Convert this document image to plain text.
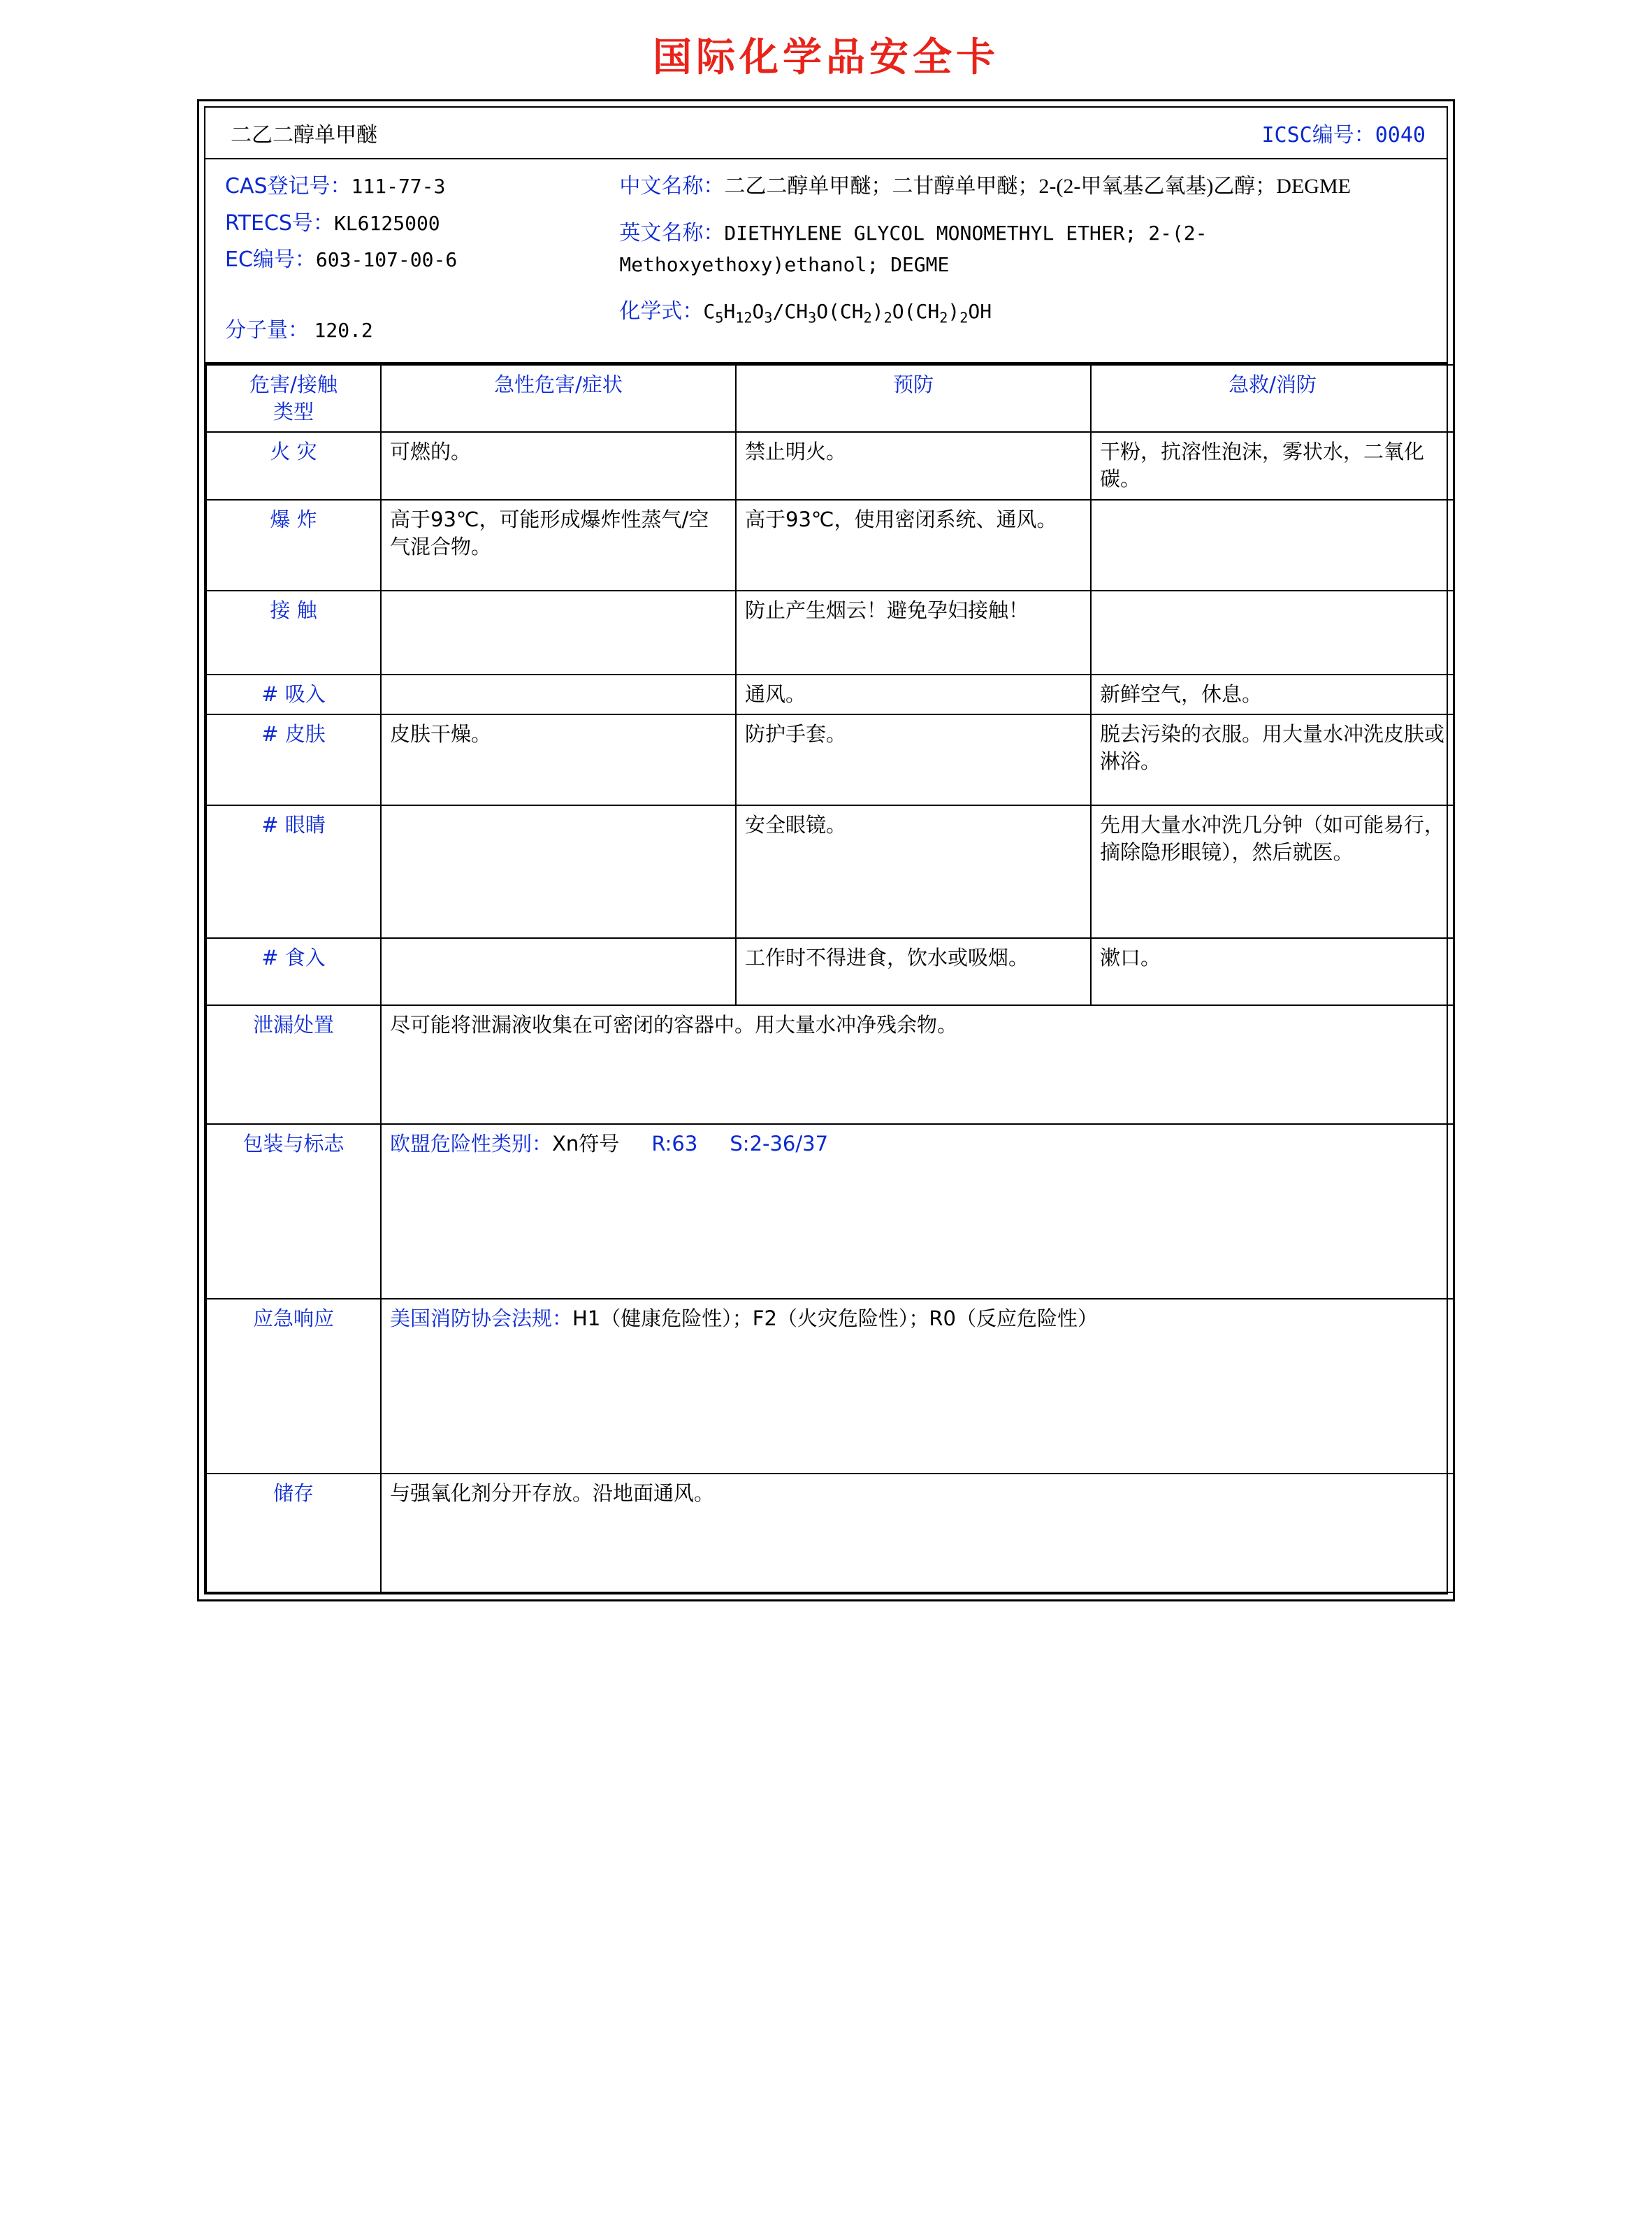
国际化学品安全卡
二乙二醇单甲醚	ICSC编号：0040
CAS登记号：111-77-3
RTECS号：KL6125000
EC编号：603-107-00-6
分子量： 120.2
中文名称：二乙二醇单甲醚；二甘醇单甲醚；2-(2-甲氧基乙氧基)乙醇；DEGME
英文名称：DIETHYLENE GLYCOL MONOMETHYL ETHER; 2-(2-Methoxyethoxy)ethanol; DEGME
化学式：$C_5H_{12}O_3/CH_3O(CH_2)_2O(CH_2)_2OH$
危害/接触
类型	急性危害/症状	预防	急救/消防
火 灾	可燃的。	禁止明火。	干粉，抗溶性泡沫，雾状水，二氧化碳。
爆 炸	高于93℃，可能形成爆炸性蒸气/空气混合物。	高于93℃，使用密闭系统、通风。	
接 触		防止产生烟云！避免孕妇接触！	
# 吸入		通风。	新鲜空气，休息。
# 皮肤	皮肤干燥。	防护手套。	脱去污染的衣服。用大量水冲洗皮肤或淋浴。
# 眼睛		安全眼镜。	先用大量水冲洗几分钟（如可能易行，摘除隐形眼镜），然后就医。
# 食入		工作时不得进食，饮水或吸烟。	漱口。
泄漏处置	尽可能将泄漏液收集在可密闭的容器中。用大量水冲净残余物。		
包装与标志	欧盟危险性类别：Xn符号 R:63 S:2-36/37		
应急响应	美国消防协会法规：H1（健康危险性）；F2（火灾危险性）；R0（反应危险性）		
储存	与强氧化剂分开存放。沿地面通风。		
